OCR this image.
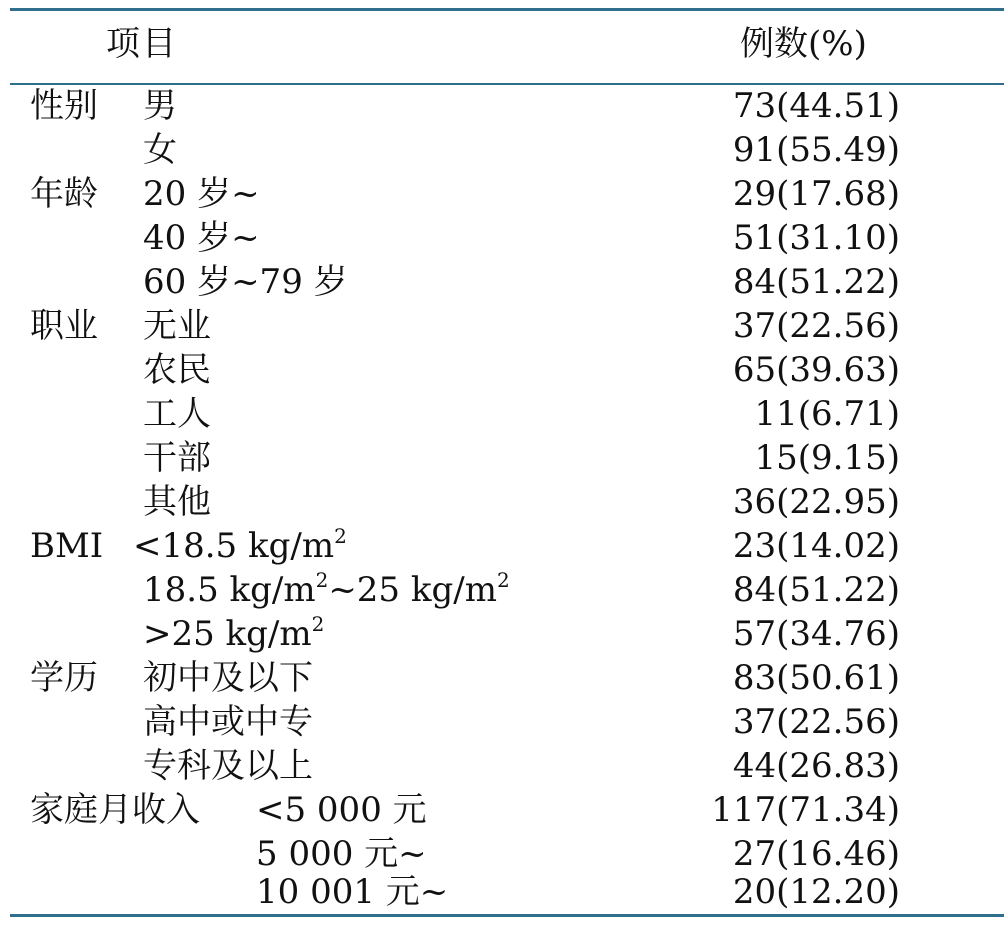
项目	例数(%)
性别 男	73(44.51)
女	91(55.49)
年龄 20 岁~	29(17.68)
40 岁~	51(31.10)
60 岁~79 岁	84(51.22)
职业 无业	37(22.56)
农民	65(39.63)
工人	11(6.71)
干部	15(9.15)
其他	36(22.95)
BMI <18.5 $kg/m^2$	23(14.02)
18.5 $kg/m^2\sim 25$ $kg/m^2$	84(51.22)
>25 $kg/m^2$	57(34.76)
学历 初中及以下	83(50.61)
高中或中专	37(22.56)
专科及以上	44(26.83)
家庭月收入 <5 000 元	117(71.34)
5 000 元~	27(16.46)
10 001 元~	20(12.20)
